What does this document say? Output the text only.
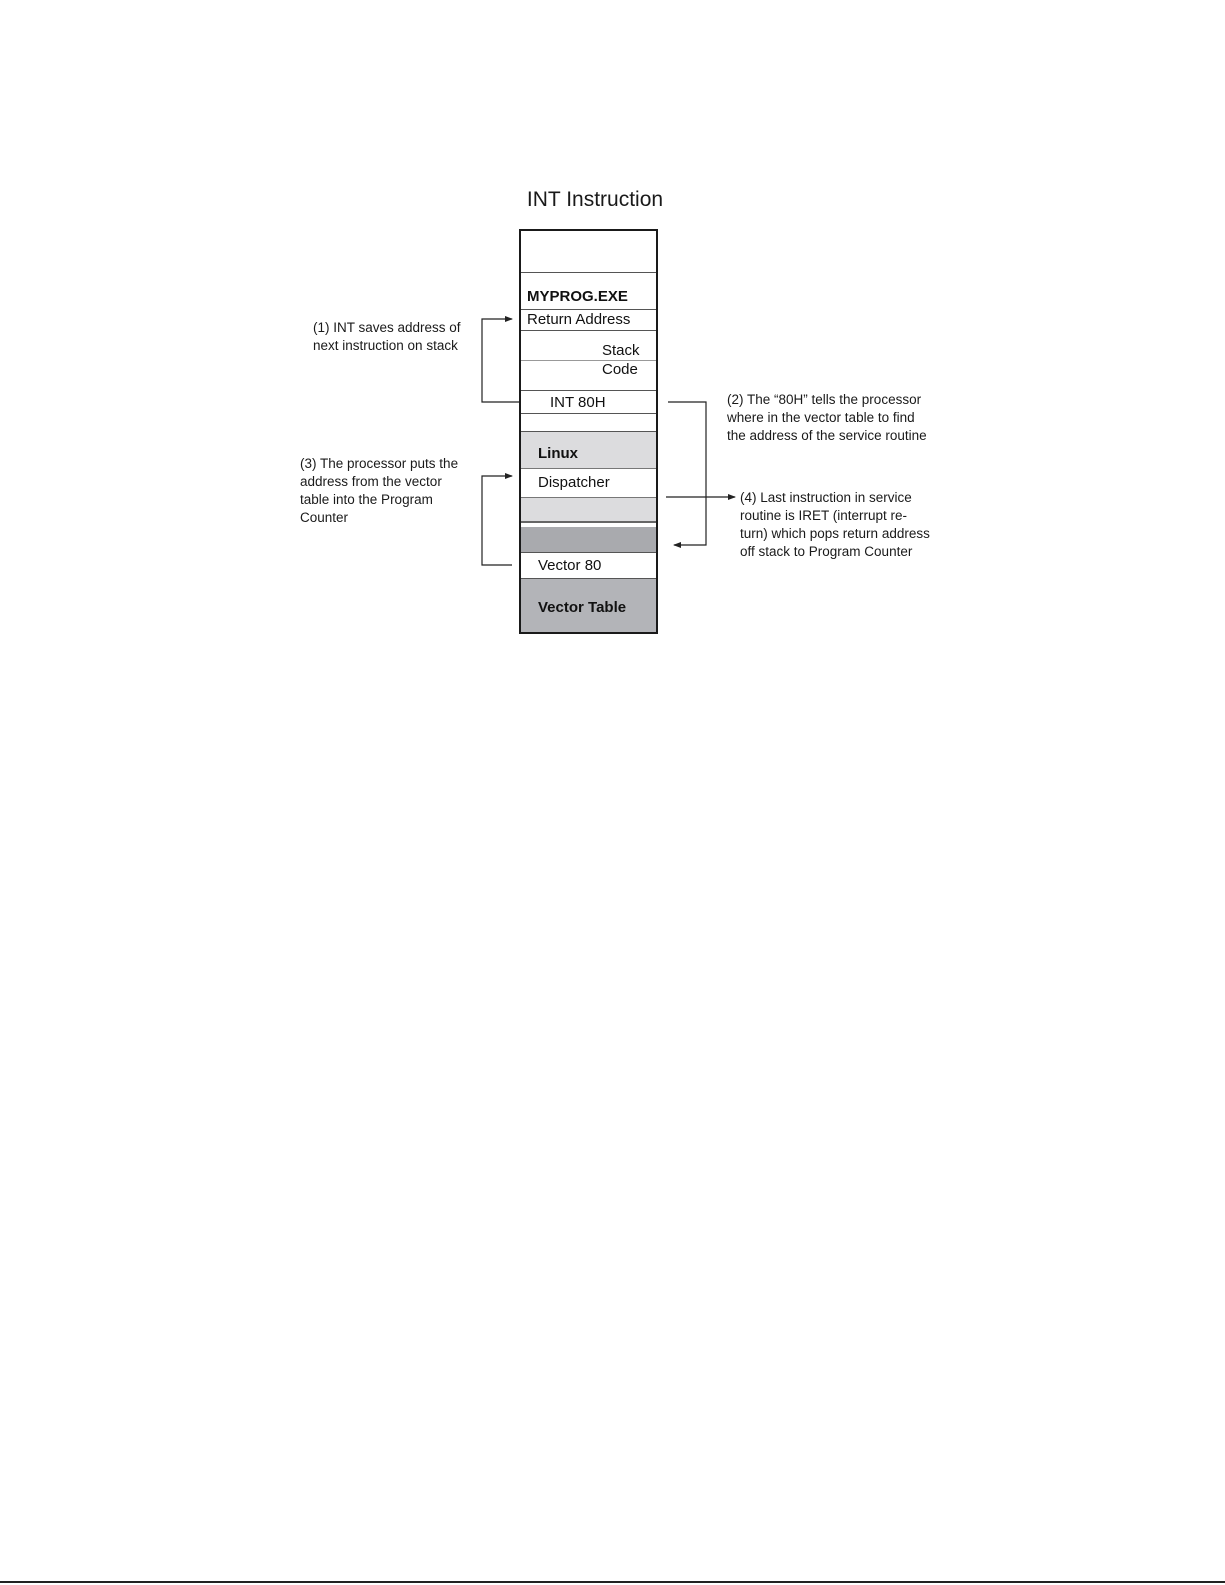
INT Instruction
MYPROG.EXE
Return Address
Stack
Code
INT 80H
Linux
Dispatcher
Vector 80
Vector Table
(1) INT saves address of
next instruction on stack
(2) The “80H” tells the processor
where in the vector table to find
the address of the service routine
(3) The processor puts the
address from the vector
table into the Program
Counter
(4) Last instruction in service
routine is IRET (interrupt re-
turn) which pops return address
off stack to Program Counter
